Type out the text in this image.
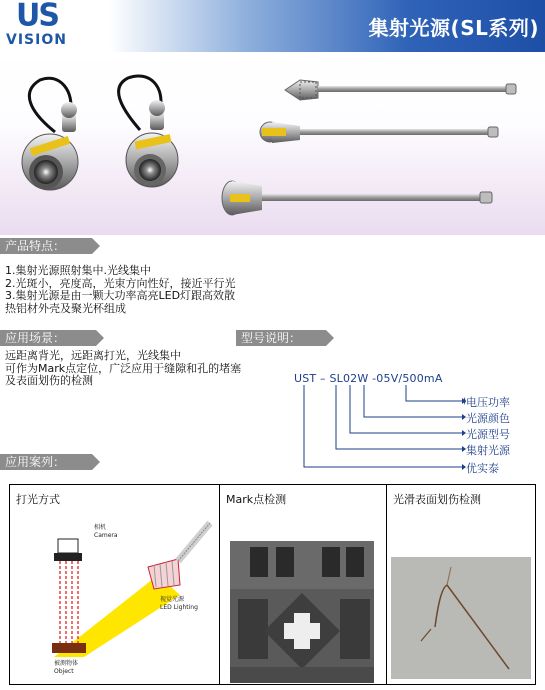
US
VISION	集射光源(SL系列)
产品特点：
1.集射光源照射集中.光线集中
2.光斑小，亮度高，光束方向性好，接近平行光
3.集射光源是由一颗大功率高亮LED灯跟高效散
热铝材外壳及聚光杯组成
应用场景：
远距离背光，远距离打光，光线集中
可作为Mark点定位，广泛应用于缝隙和孔的堵塞
及表面划伤的检测
型号说明：
UST – SL02W -05V/500mA
电压功率
光源颜色
光源型号
集射光源
优实泰
应用案列：
打光方式
相机
Camera
视觉光源
LED Lighting
被测物体
Object
Mark点检测	光滑表面划伤检测
